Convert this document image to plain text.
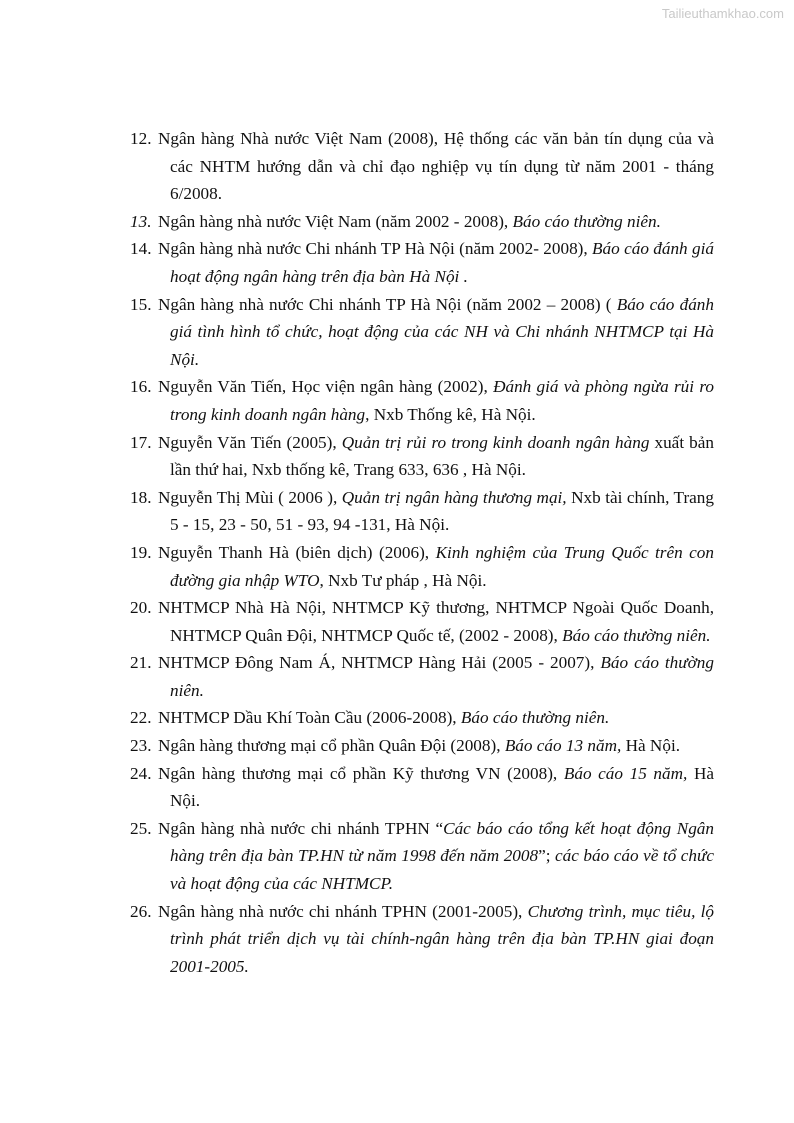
Tailieuthamkhao.com

12. Ngân hàng Nhà nước Việt Nam (2008), Hệ thống các văn bản tín dụng của và các NHTM hướng dẫn và chỉ đạo nghiệp vụ tín dụng từ năm 2001 - tháng 6/2008.

13. Ngân hàng nhà nước Việt Nam (năm 2002 - 2008), Báo cáo thường niên.

14. Ngân hàng nhà nước Chi nhánh TP Hà Nội (năm 2002- 2008), Báo cáo đánh giá hoạt động ngân hàng trên địa bàn Hà Nội .

15. Ngân hàng nhà nước Chi nhánh TP Hà Nội (năm 2002 – 2008) ( Báo cáo đánh giá tình hình tổ chức, hoạt động của các NH và Chi nhánh NHTMCP tại Hà Nội.

16. Nguyễn Văn Tiến, Học viện ngân hàng (2002), Đánh giá và phòng ngừa rủi ro trong kinh doanh ngân hàng, Nxb Thống kê, Hà Nội.

17. Nguyễn Văn Tiến (2005), Quản trị rủi ro trong kinh doanh ngân hàng xuất bản lần thứ hai, Nxb thống kê, Trang 633, 636 , Hà Nội.

18. Nguyễn Thị Mùi ( 2006 ), Quản trị ngân hàng thương mại, Nxb tài chính, Trang 5 - 15, 23 - 50, 51 - 93, 94 -131, Hà Nội.

19. Nguyễn Thanh Hà (biên dịch) (2006), Kinh nghiệm của Trung Quốc trên con đường gia nhập WTO, Nxb Tư pháp , Hà Nội.

20. NHTMCP Nhà Hà Nội, NHTMCP Kỹ thương, NHTMCP Ngoài Quốc Doanh, NHTMCP Quân Đội, NHTMCP Quốc tế, (2002 - 2008), Báo cáo thường niên.

21. NHTMCP Đông Nam Á, NHTMCP Hàng Hải (2005 - 2007), Báo cáo thường niên.

22. NHTMCP Dầu Khí Toàn Cầu (2006-2008), Báo cáo thường niên.

23. Ngân hàng thương mại cổ phần Quân Đội (2008), Báo cáo 13 năm, Hà Nội.

24. Ngân hàng thương mại cổ phần Kỹ thương VN (2008), Báo cáo 15 năm, Hà Nội.

25. Ngân hàng nhà nước chi nhánh TPHN “Các báo cáo tổng kết hoạt động Ngân hàng trên địa bàn TP.HN từ năm 1998 đến năm 2008”; các báo cáo về tổ chức và hoạt động của các NHTMCP.

26. Ngân hàng nhà nước chi nhánh TPHN (2001-2005), Chương trình, mục tiêu, lộ trình phát triển dịch vụ tài chính-ngân hàng trên địa bàn TP.HN giai đoạn 2001-2005.
